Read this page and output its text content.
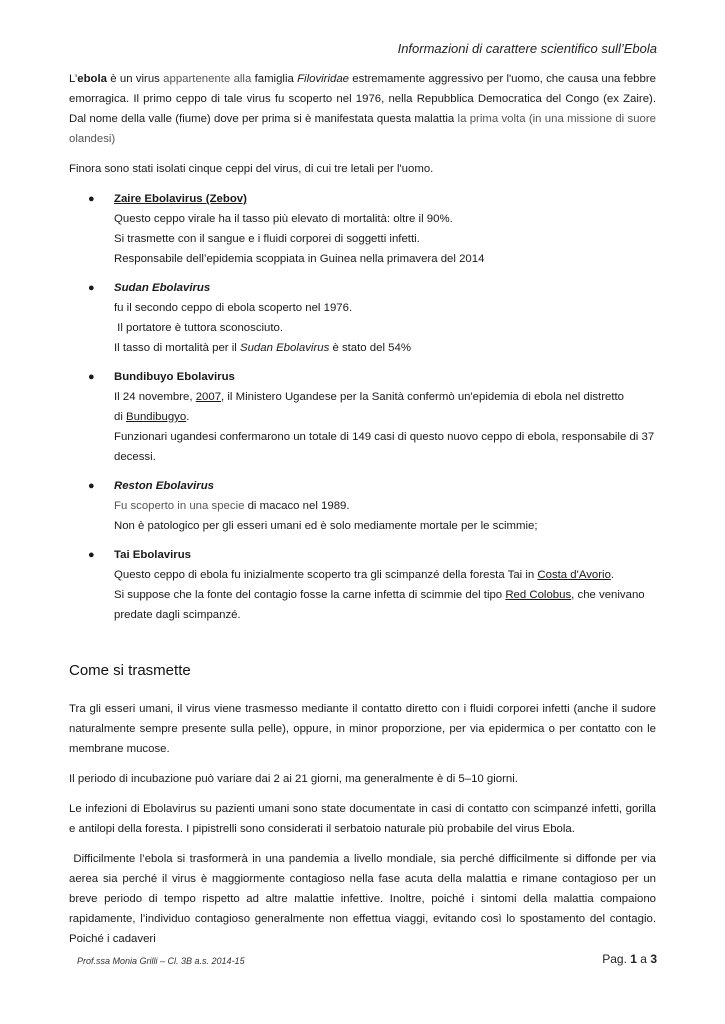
Informazioni di carattere scientifico sull’Ebola

L’ebola è un virus appartenente alla famiglia Filoviridae estremamente aggressivo per l'uomo, che causa una febbre emorragica. Il primo ceppo di tale virus fu scoperto nel 1976, nella Repubblica Democratica del Congo (ex Zaire). Dal nome della valle (fiume) dove per prima si è manifestata questa malattia la prima volta (in una missione di suore olandesi)

Finora sono stati isolati cinque ceppi del virus, di cui tre letali per l'uomo.

● Zaire Ebolavirus (Zebov)
Questo ceppo virale ha il tasso più elevato di mortalità: oltre il 90%.
Si trasmette con il sangue e i fluidi corporei di soggetti infetti.
Responsabile dell’epidemia scoppiata in Guinea nella primavera del 2014
● Sudan Ebolavirus
fu il secondo ceppo di ebola scoperto nel 1976.
Il portatore è tuttora sconosciuto.
Il tasso di mortalità per il Sudan Ebolavirus è stato del 54%
● Bundibuyo Ebolavirus
Il 24 novembre, 2007, il Ministero Ugandese per la Sanità confermò un'epidemia di ebola nel distretto
di Bundibugyo.
Funzionari ugandesi confermarono un totale di 149 casi di questo nuovo ceppo di ebola, responsabile di 37 decessi.
● Reston Ebolavirus
Fu scoperto in una specie di macaco nel 1989.
Non è patologico per gli esseri umani ed è solo mediamente mortale per le scimmie;
● Tai Ebolavirus
Questo ceppo di ebola fu inizialmente scoperto tra gli scimpanzé della foresta Tai in Costa d'Avorio.
Si suppose che la fonte del contagio fosse la carne infetta di scimmie del tipo Red Colobus, che venivano predate dagli scimpanzé.
Come si trasmette

Tra gli esseri umani, il virus viene trasmesso mediante il contatto diretto con i fluidi corporei infetti (anche il sudore naturalmente sempre presente sulla pelle), oppure, in minor proporzione, per via epidermica o per contatto con le membrane mucose.

Il periodo di incubazione può variare dai 2 ai 21 giorni, ma generalmente è di 5–10 giorni.

Le infezioni di Ebolavirus su pazienti umani sono state documentate in casi di contatto con scimpanzé infetti, gorilla e antilopi della foresta. I pipistrelli sono considerati il serbatoio naturale più probabile del virus Ebola.

Difficilmente l’ebola si trasformerà in una pandemia a livello mondiale, sia perché difficilmente si diffonde per via aerea sia perché il virus è maggiormente contagioso nella fase acuta della malattia e rimane contagioso per un breve periodo di tempo rispetto ad altre malattie infettive. Inoltre, poiché i sintomi della malattia compaiono rapidamente, l’individuo contagioso generalmente non effettua viaggi, evitando così lo spostamento del contagio. Poiché i cadaveri

Prof.ssa Monia Grilli – Cl. 3B a.s. 2014-15	Pag. 1 a 3
